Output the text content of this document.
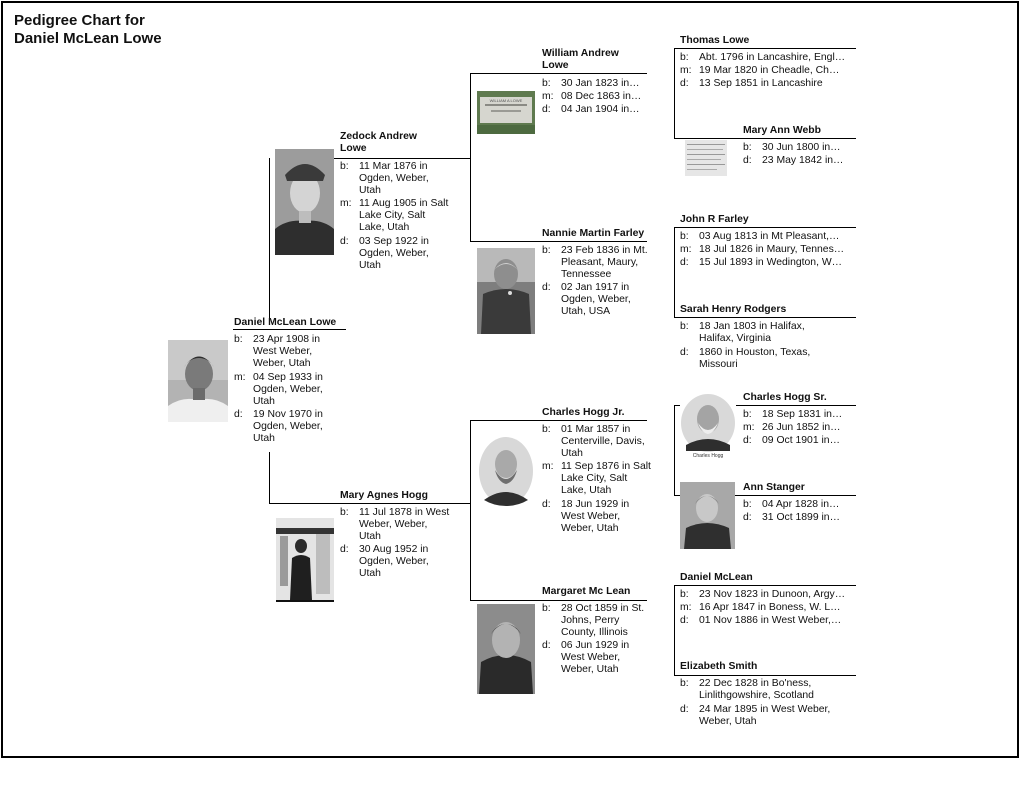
Pedigree Chart for
Daniel McLean Lowe
WILLIAM A LOWE
Charles Hogg
Daniel McLean Lowe
b: 23 Apr 1908 in West Weber, Weber, Utah
m: 04 Sep 1933 in Ogden, Weber, Utah
d: 19 Nov 1970 in Ogden, Weber, Utah
Zedock Andrew Lowe
b: 11 Mar 1876 in Ogden, Weber, Utah
m: 11 Aug 1905 in Salt Lake City, Salt Lake, Utah
d: 03 Sep 1922 in Ogden, Weber, Utah
Mary Agnes Hogg
b: 11 Jul 1878 in West Weber, Weber, Utah
d: 30 Aug 1952 in Ogden, Weber, Utah
William Andrew Lowe
b: 30 Jan 1823 in…
m: 08 Dec 1863 in…
d: 04 Jan 1904 in…
Nannie Martin Farley
b: 23 Feb 1836 in Mt. Pleasant, Maury, Tennessee
d: 02 Jan 1917 in Ogden, Weber, Utah, USA
Charles Hogg Jr.
b: 01 Mar 1857 in Centerville, Davis, Utah
m: 11 Sep 1876 in Salt Lake City, Salt Lake, Utah
d: 18 Jun 1929 in West Weber, Weber, Utah
Margaret Mc Lean
b: 28 Oct 1859 in St. Johns, Perry County, Illinois
d: 06 Jun 1929 in West Weber, Weber, Utah
Thomas Lowe
b: Abt. 1796 in Lancashire, Engl…
m: 19 Mar 1820 in Cheadle, Ch…
d: 13 Sep 1851 in Lancashire
Mary Ann Webb
b: 30 Jun 1800 in…
d: 23 May 1842 in…
John R Farley
b: 03 Aug 1813 in Mt Pleasant,…
m: 18 Jul 1826 in Maury, Tennes…
d: 15 Jul 1893 in Wedington, W…
Sarah Henry Rodgers
b: 18 Jan 1803 in Halifax, Halifax, Virginia
d: 1860 in Houston, Texas, Missouri
Charles Hogg Sr.
b: 18 Sep 1831 in…
m: 26 Jun 1852 in…
d: 09 Oct 1901 in…
Ann Stanger
b: 04 Apr 1828 in…
d: 31 Oct 1899 in…
Daniel McLean
b: 23 Nov 1823 in Dunoon, Argy…
m: 16 Apr 1847 in Boness, W. L…
d: 01 Nov 1886 in West Weber,…
Elizabeth Smith
b: 22 Dec 1828 in Bo'ness, Linlithgowshire, Scotland
d: 24 Mar 1895 in West Weber, Weber, Utah
